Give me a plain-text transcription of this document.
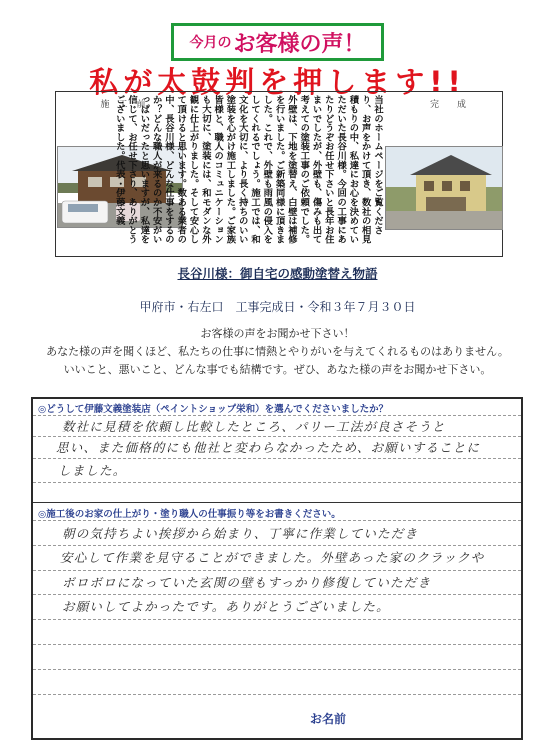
今月の お客様の声！
私が太鼓判を押します!!
施　工　前	完　　成
当社のホームページをご覧くださり、お声をかけて頂き、数社の相見積もりの中、私達にお心を決めていただいた長谷川様。今回の工事にあたりどうぞお任せ下さいと長年お住まいでしたが、外壁も、傷みも出て考えての塗装工事のご依頼でした。外壁は、下地を塗替え、白壁は補修を行いました。ご新築同様に頂きました。これで、外壁も雨風の侵入をしてくれるでしょう。施工では、和文化を大切に、より長く持ちのいい塗装を心がけ施工しました。ご家族皆様と、職人のコミュニケーションも大切に、塗装には、和モダンな外観に仕上がりました。そして安心して頂けると思います。数ある業者の中、長谷川様、どんな仕事をするのか？どんな職人が来るのか不安がいっぱいだったと思いますが、私達を信じて、お任せ下さり、ありがとうございました。代表・伊藤文義
長谷川様：御自宅の感動塗替え物語
甲府市・右左口　工事完成日・令和３年７月３０日
お客様の声をお聞かせ下さい！
あなた様の声を聞くほど、私たちの仕事に情熱とやりがいを与えてくれるものはありません。
いいこと、悪いこと、どんな事でも結構です。ぜひ、あなた様の声をお聞かせ下さい。
◎どうして伊藤文義塗装店（ペイントショップ栄和）を選んでくださいましたか？
数社に見積を依頼し比較したところ、パリー工法が良さそうと
思い、また価格的にも他社と変わらなかったため、お願いすることに
しました。
◎施工後のお家の仕上がり・塗り職人の仕事振り等をお書きください。
朝の気持ちよい挨拶から始まり、丁寧に作業していただき
安心して作業を見守ることができました。外壁あった家のクラックや
ボロボロになっていた玄関の壁もすっかり修復していただき
お願いしてよかったです。ありがとうございました。
お名前
